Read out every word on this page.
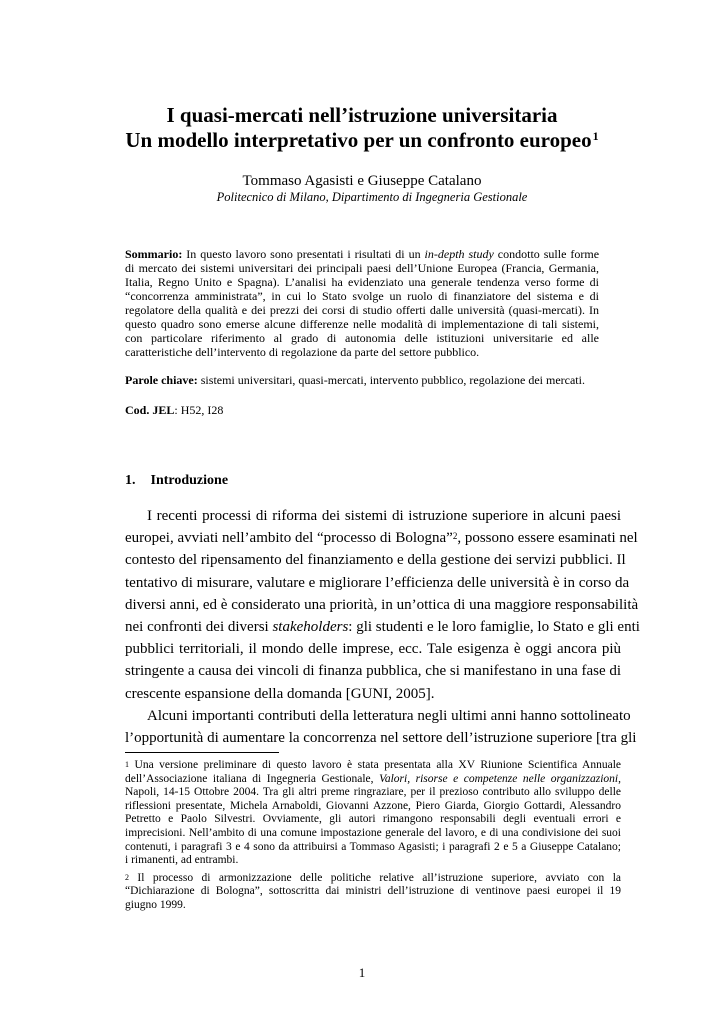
I quasi-mercati nell’istruzione universitaria
Un modello interpretativo per un confronto europeo$^1$
Tommaso Agasisti e Giuseppe Catalano
Politecnico di Milano, Dipartimento di Ingegneria Gestionale
Sommario: In questo lavoro sono presentati i risultati di un in-depth study condotto sulle forme
di mercato dei sistemi universitari dei principali paesi dell’Unione Europea (Francia, Germania,
Italia, Regno Unito e Spagna). L’analisi ha evidenziato una generale tendenza verso forme di
“concorrenza amministrata”, in cui lo Stato svolge un ruolo di finanziatore del sistema e di
regolatore della qualità e dei prezzi dei corsi di studio offerti dalle università (quasi-mercati). In
questo quadro sono emerse alcune differenze nelle modalità di implementazione di tali sistemi,
con particolare riferimento al grado di autonomia delle istituzioni universitarie ed alle
caratteristiche dell’intervento di regolazione da parte del settore pubblico.
Parole chiave: sistemi universitari, quasi-mercati, intervento pubblico, regolazione dei mercati.
Cod. JEL: H52, I28
1. Introduzione
I recenti processi di riforma dei sistemi di istruzione superiore in alcuni paesi
europei, avviati nell’ambito del “processo di Bologna”$^2$, possono essere esaminati nel
contesto del ripensamento del finanziamento e della gestione dei servizi pubblici. Il
tentativo di misurare, valutare e migliorare l’efficienza delle università è in corso da
diversi anni, ed è considerato una priorità, in un’ottica di una maggiore responsabilità
nei confronti dei diversi stakeholders: gli studenti e le loro famiglie, lo Stato e gli enti
pubblici territoriali, il mondo delle imprese, ecc. Tale esigenza è oggi ancora più
stringente a causa dei vincoli di finanza pubblica, che si manifestano in una fase di
crescente espansione della domanda [GUNI, 2005].
Alcuni importanti contributi della letteratura negli ultimi anni hanno sottolineato
l’opportunità di aumentare la concorrenza nel settore dell’istruzione superiore [tra gli
$^1$ Una versione preliminare di questo lavoro è stata presentata alla XV Riunione Scientifica Annuale
dell’Associazione italiana di Ingegneria Gestionale, Valori, risorse e competenze nelle organizzazioni,
Napoli, 14-15 Ottobre 2004. Tra gli altri preme ringraziare, per il prezioso contributo allo sviluppo delle
riflessioni presentate, Michela Arnaboldi, Giovanni Azzone, Piero Giarda, Giorgio Gottardi, Alessandro
Petretto e Paolo Silvestri. Ovviamente, gli autori rimangono responsabili degli eventuali errori e
imprecisioni. Nell’ambito di una comune impostazione generale del lavoro, e di una condivisione dei suoi
contenuti, i paragrafi 3 e 4 sono da attribuirsi a Tommaso Agasisti; i paragrafi 2 e 5 a Giuseppe Catalano;
i rimanenti, ad entrambi.
$^2$ Il processo di armonizzazione delle politiche relative all’istruzione superiore, avviato con la
“Dichiarazione di Bologna”, sottoscritta dai ministri dell’istruzione di ventinove paesi europei il 19
giugno 1999.
1
